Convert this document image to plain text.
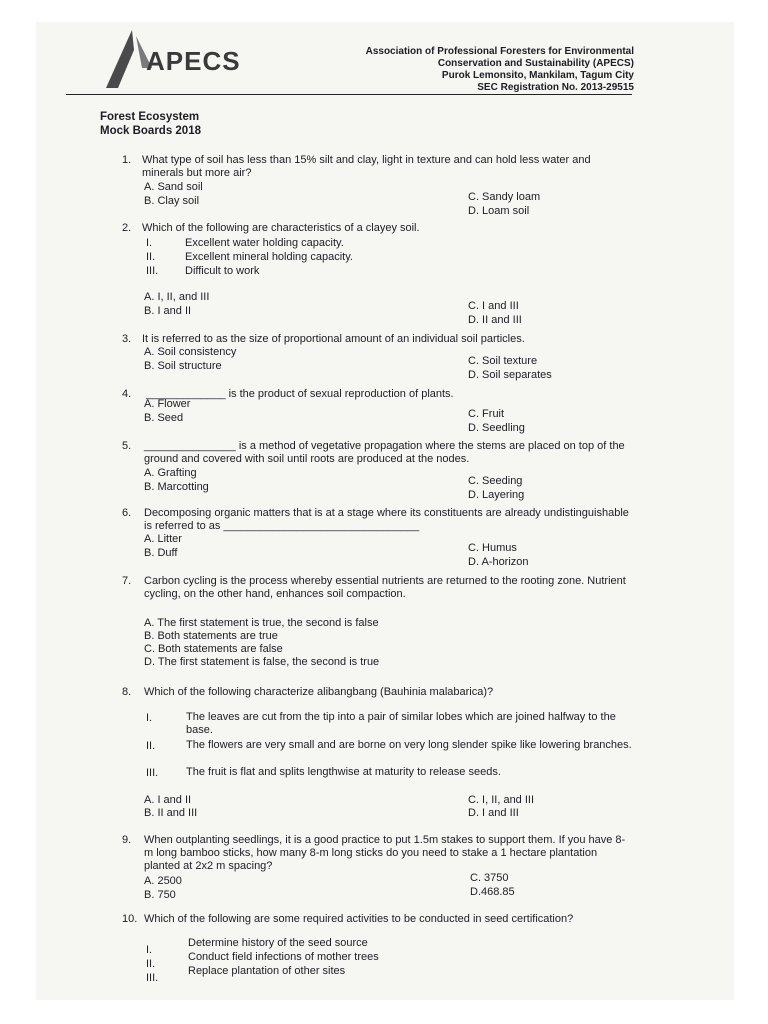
APECS	Association of Professional Foresters for Environmental
Conservation and Sustainability (APECS)
Purok Lemonsito, Mankilam, Tagum City
SEC Registration No. 2013-29515
Forest Ecosystem
Mock Boards 2018
1. What type of soil has less than 15% silt and clay, light in texture and can hold less water and minerals but more air?
A. Sand soil
B. Clay soil	C. Sandy loam
D. Loam soil
2. Which of the following are characteristics of a clayey soil.
I.	Excellent water holding capacity.
II.	Excellent mineral holding capacity.
III. Difficult to work
A. I, II, and III
B. I and II	C. I and III
D. II and III
3. It is referred to as the size of proportional amount of an individual soil particles.
A. Soil consistency
B. Soil structure	C. Soil texture
D. Soil separates
4. _____________ is the product of sexual reproduction of plants.
A. Flower
B. Seed	C. Fruit
D. Seedling
5. _______________ is a method of vegetative propagation where the stems are placed on top of the ground and covered with soil until roots are produced at the nodes.
A. Grafting
B. Marcotting	C. Seeding
D. Layering
6. Decomposing organic matters that is at a stage where its constituents are already undistinguishable is referred to as ________________________________
A. Litter
B. Duff	C. Humus
D. A-horizon
7. Carbon cycling is the process whereby essential nutrients are returned to the rooting zone. Nutrient cycling, on the other hand, enhances soil compaction.
A. The first statement is true, the second is false
B. Both statements are true
C. Both statements are false
D. The first statement is false, the second is true
8. Which of the following characterize alibangbang (Bauhinia malabarica)?
I.	The leaves are cut from the tip into a pair of similar lobes which are joined halfway to the base.
II.	The flowers are very small and are borne on very long slender spike like lowering branches.
III.	The fruit is flat and splits lengthwise at maturity to release seeds.
A. I and II
B. II and III
C. I, II, and III
D. I and III
9. When outplanting seedlings, it is a good practice to put 1.5m stakes to support them. If you have 8-m long bamboo sticks, how many 8-m long sticks do you need to stake a 1 hectare plantation planted at 2x2 m spacing?
A. 2500
B. 750
C. 3750
D.468.85
10. Which of the following are some required activities to be conducted in seed certification?
I.
Determine history of the seed source
II.
Conduct field infections of mother trees
III.
Replace plantation of other sites
